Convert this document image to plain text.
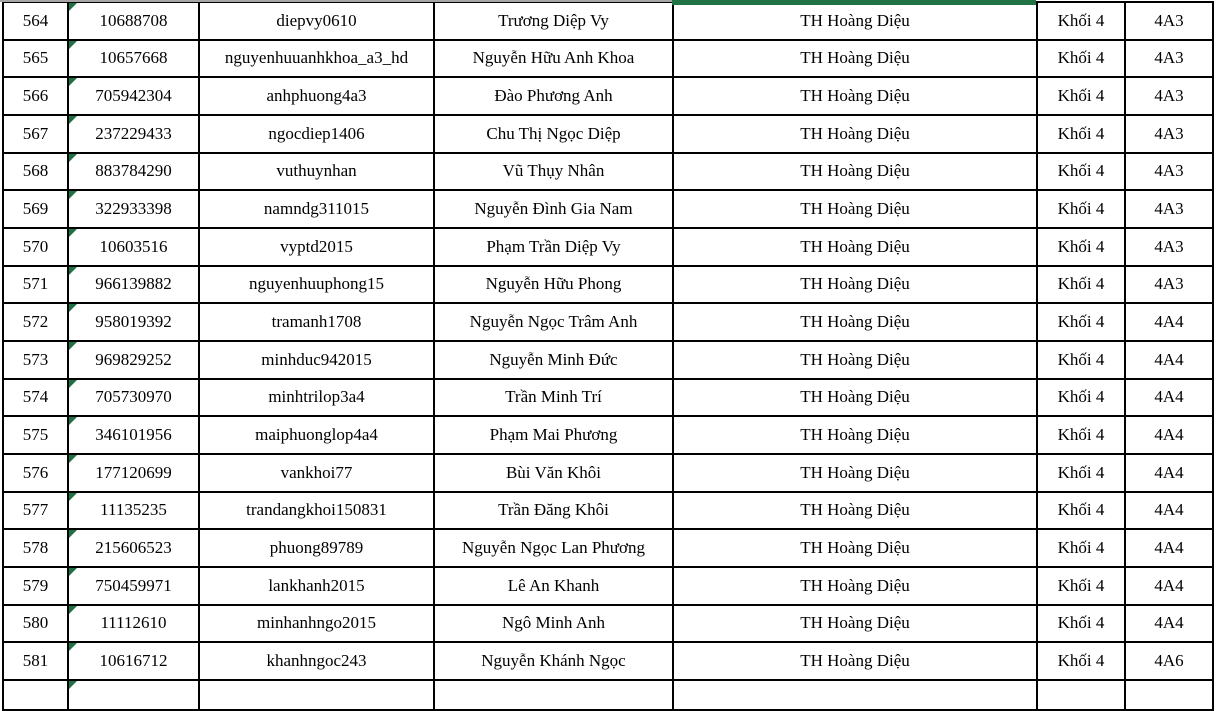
564	10688708	diepvy0610	Trương Diệp Vy	TH Hoàng Diệu	Khối 4	4A3
565	10657668	nguyenhuuanhkhoa_a3_hd	Nguyễn Hữu Anh Khoa	TH Hoàng Diệu	Khối 4	4A3
566	705942304	anhphuong4a3	Đào Phương Anh	TH Hoàng Diệu	Khối 4	4A3
567	237229433	ngocdiep1406	Chu Thị Ngọc Diệp	TH Hoàng Diệu	Khối 4	4A3
568	883784290	vuthuynhan	Vũ Thụy Nhân	TH Hoàng Diệu	Khối 4	4A3
569	322933398	namndg311015	Nguyễn Đình Gia Nam	TH Hoàng Diệu	Khối 4	4A3
570	10603516	vyptd2015	Phạm Trần Diệp Vy	TH Hoàng Diệu	Khối 4	4A3
571	966139882	nguyenhuuphong15	Nguyễn Hữu Phong	TH Hoàng Diệu	Khối 4	4A3
572	958019392	tramanh1708	Nguyễn Ngọc Trâm Anh	TH Hoàng Diệu	Khối 4	4A4
573	969829252	minhduc942015	Nguyễn Minh Đức	TH Hoàng Diệu	Khối 4	4A4
574	705730970	minhtrilop3a4	Trần Minh Trí	TH Hoàng Diệu	Khối 4	4A4
575	346101956	maiphuonglop4a4	Phạm Mai Phương	TH Hoàng Diệu	Khối 4	4A4
576	177120699	vankhoi77	Bùi Văn Khôi	TH Hoàng Diệu	Khối 4	4A4
577	11135235	trandangkhoi150831	Trần Đăng Khôi	TH Hoàng Diệu	Khối 4	4A4
578	215606523	phuong89789	Nguyễn Ngọc Lan Phương	TH Hoàng Diệu	Khối 4	4A4
579	750459971	lankhanh2015	Lê An Khanh	TH Hoàng Diệu	Khối 4	4A4
580	11112610	minhanhngo2015	Ngô Minh Anh	TH Hoàng Diệu	Khối 4	4A4
581	10616712	khanhngoc243	Nguyễn Khánh Ngọc	TH Hoàng Diệu	Khối 4	4A6
